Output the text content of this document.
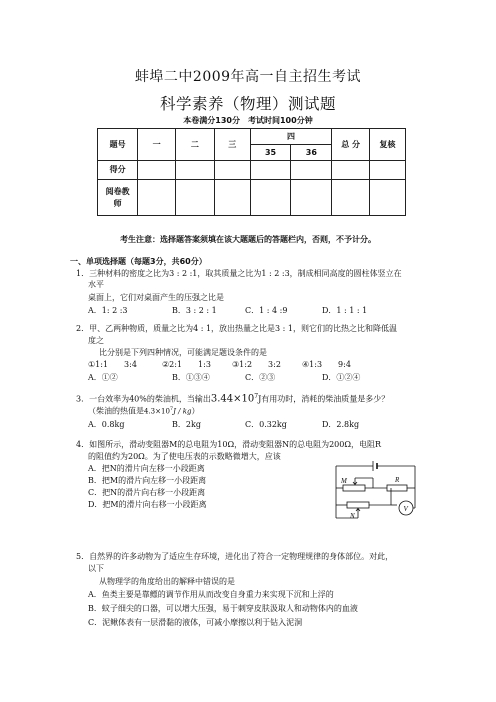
蚌埠二中2009年高一自主招生考试
科学素养（物理）测试题
本卷满分130分　考试时间100分钟
题号	一	二	三	四		总 分	复核
				35	36		
得分							
阅卷教师							
考生注意：选择题答案须填在该大题题后的答题栏内，否则，不予计分。
一、单项选择题（每题3分，共60分）
1．三种材料的密度之比为3 : 2 :1，取其质量之比为1 : 2 :3，制成相同高度的圆柱体竖立在
水平
桌面上，它们对桌面产生的压强之比是
A．1: 2 :3	B．3 : 2 : 1	C．1 : 4 :9	D．1 : 1 : 1
2．甲、乙两种物质，质量之比为4 : 1，放出热量之比是3 : 1，则它们的比热之比和降低温
度之
比分别是下列四种情况，可能满足题设条件的是
①1:1　　3:4	②2:1　　1:3	③1:2　　3:2	④1:3　　9:4
A．①②	B．①③④	C．②③	D．①②④
3．一台效率为40%的柴油机，当输出$3.44\times 10^7J$有用功时，消耗的柴油质量是多少？
（柴油的热值是$4.3\times 10^7J / kg$）
A．0.8kg	B．2kg	C．0.32kg	D．2.8kg
4．如图所示，滑动变阻器M的总电阻为10Ω，滑动变阻器N的总电阻为200Ω，电阻R
的阻值约为20Ω。为了使电压表的示数略微增大，应该
A．把N的滑片向左移一小段距离
B．把M的滑片向左移一小段距离
C．把N的滑片向右移一小段距离
D．把M的滑片向右移一小段距离
M	R
N
V
5．自然界的许多动物为了适应生存环境，进化出了符合一定物理规律的身体部位。对此，
以下
从物理学的角度给出的解释中错误的是
A．鱼类主要是靠鳔的调节作用从而改变自身重力来实现下沉和上浮的
B．蚊子细尖的口器，可以增大压强，易于刺穿皮肤汲取人和动物体内的血液
C．泥鳅体表有一层滑黏的液体，可减小摩擦以利于钻入泥洞
